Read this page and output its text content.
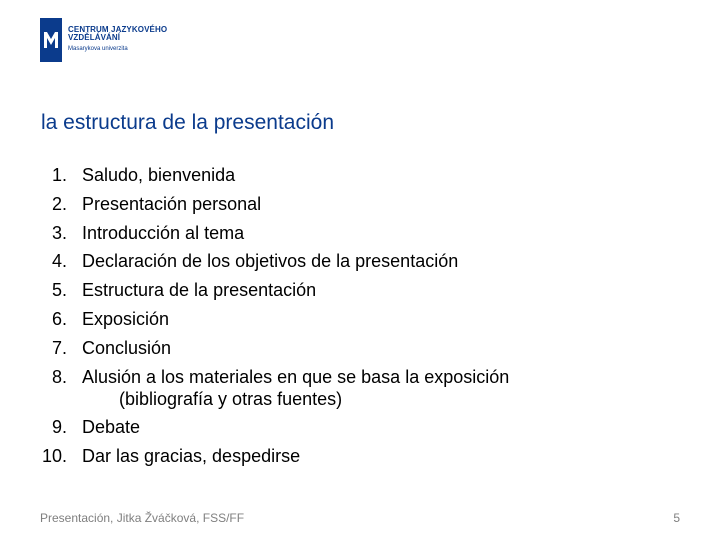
CENTRUM JAZYKOVÉHO
VZDĚLÁVÁNÍ
Masarykova univerzita
la estructura de la presentación
1. Saludo, bienvenida
2. Presentación personal
3. Introducción al tema
4. Declaración de los objetivos de la presentación
5. Estructura de la presentación
6. Exposición
7. Conclusión
8. Alusión a los materiales en que se basa la exposición
(bibliografía y otras fuentes)
9. Debate
10. Dar las gracias, despedirse
Presentación, Jitka Žváčková, FSS/FF	5
